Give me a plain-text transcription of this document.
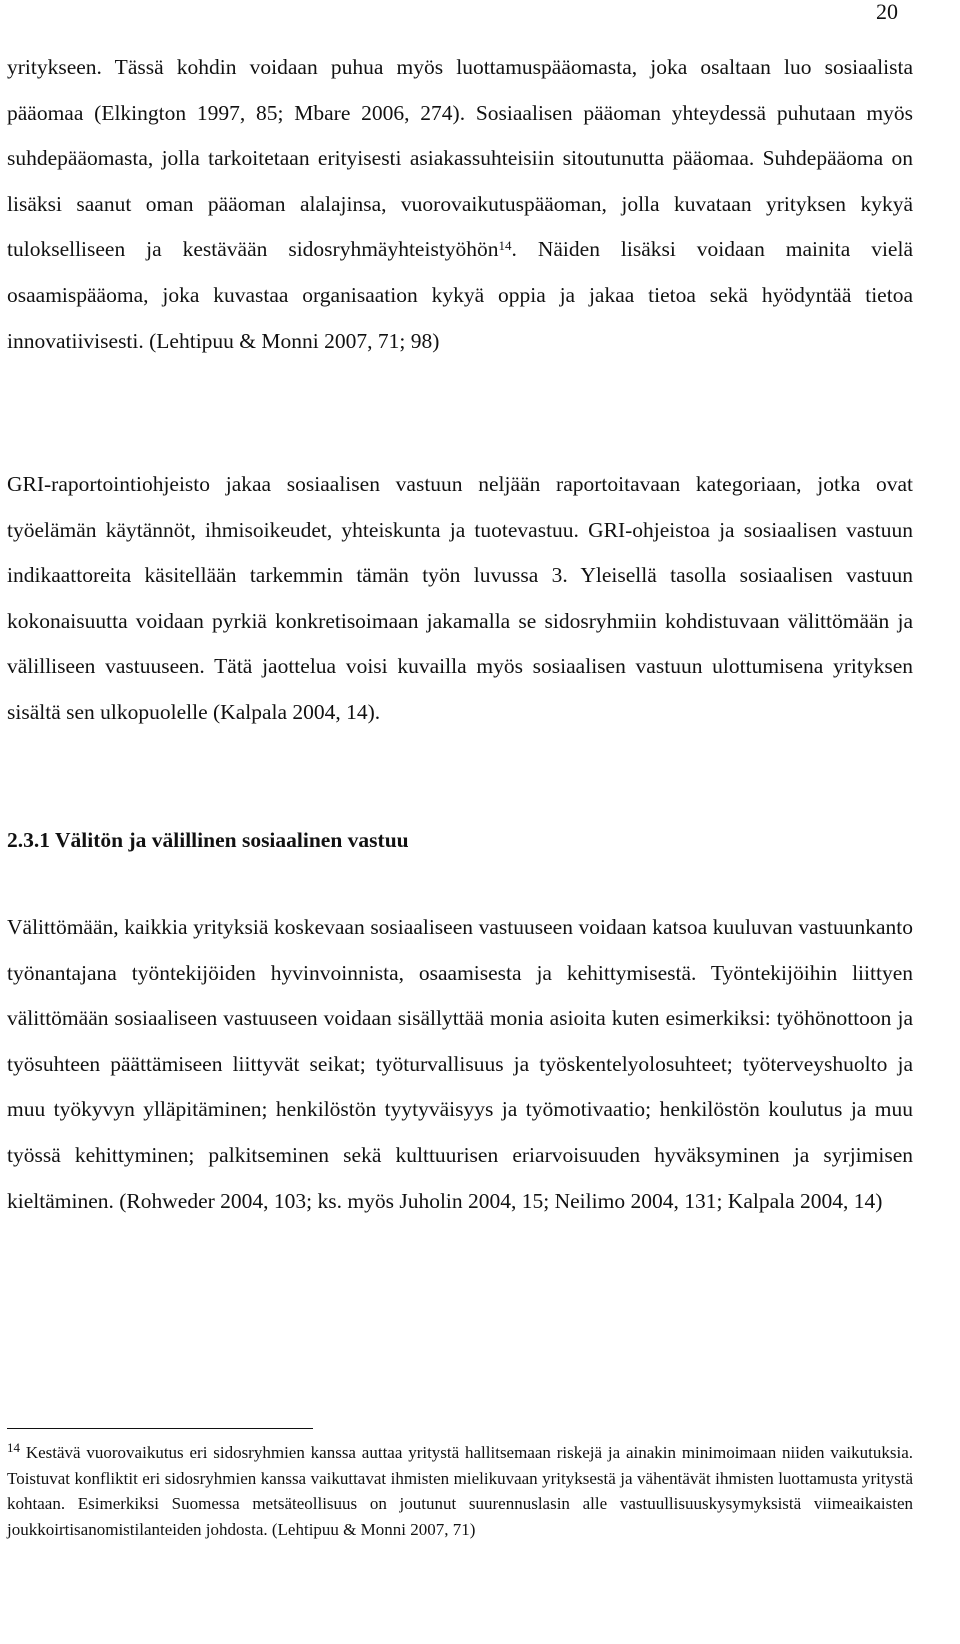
20

yritykseen. Tässä kohdin voidaan puhua myös luottamuspääomasta, joka osaltaan luo sosiaalista pääomaa (Elkington 1997, 85; Mbare 2006, 274). Sosiaalisen pääoman yhteydessä puhutaan myös suhdepääomasta, jolla tarkoitetaan erityisesti asiakassuhteisiin sitoutunutta pääomaa. Suhdepääoma on lisäksi saanut oman pääoman alalajinsa, vuorovaikutuspääoman, jolla kuvataan yrityksen kykyä tulokselliseen ja kestävään sidosryhmäyhteistyöhön$^{14}$. Näiden lisäksi voidaan mainita vielä osaamispääoma, joka kuvastaa organisaation kykyä oppia ja jakaa tietoa sekä hyödyntää tietoa innovatiivisesti. (Lehtipuu & Monni 2007, 71; 98)

GRI-raportointiohjeisto jakaa sosiaalisen vastuun neljään raportoitavaan kategoriaan, jotka ovat työelämän käytännöt, ihmisoikeudet, yhteiskunta ja tuotevastuu. GRI-ohjeistoa ja sosiaalisen vastuun indikaattoreita käsitellään tarkemmin tämän työn luvussa 3. Yleisellä tasolla sosiaalisen vastuun kokonaisuutta voidaan pyrkiä konkretisoimaan jakamalla se sidosryhmiin kohdistuvaan välittömään ja välilliseen vastuuseen. Tätä jaottelua voisi kuvailla myös sosiaalisen vastuun ulottumisena yrityksen sisältä sen ulkopuolelle (Kalpala 2004, 14).

2.3.1 Välitön ja välillinen sosiaalinen vastuu

Välittömään, kaikkia yrityksiä koskevaan sosiaaliseen vastuuseen voidaan katsoa kuuluvan vastuunkanto työnantajana työntekijöiden hyvinvoinnista, osaamisesta ja kehittymisestä. Työntekijöihin liittyen välittömään sosiaaliseen vastuuseen voidaan sisällyttää monia asioita kuten esimerkiksi: työhönottoon ja työsuhteen päättämiseen liittyvät seikat; työturvallisuus ja työskentelyolosuhteet; työterveyshuolto ja muu työkyvyn ylläpitäminen; henkilöstön tyytyväisyys ja työmotivaatio; henkilöstön koulutus ja muu työssä kehittyminen; palkitseminen sekä kulttuurisen eriarvoisuuden hyväksyminen ja syrjimisen kieltäminen. (Rohweder 2004, 103; ks. myös Juholin 2004, 15; Neilimo 2004, 131; Kalpala 2004, 14)

$^{14}$ Kestävä vuorovaikutus eri sidosryhmien kanssa auttaa yritystä hallitsemaan riskejä ja ainakin minimoimaan niiden vaikutuksia. Toistuvat konfliktit eri sidosryhmien kanssa vaikuttavat ihmisten mielikuvaan yrityksestä ja vähentävät ihmisten luottamusta yritystä kohtaan. Esimerkiksi Suomessa metsäteollisuus on joutunut suurennuslasin alle vastuullisuuskysymyksistä viimeaikaisten joukkoirtisanomistilanteiden johdosta. (Lehtipuu & Monni 2007, 71)
